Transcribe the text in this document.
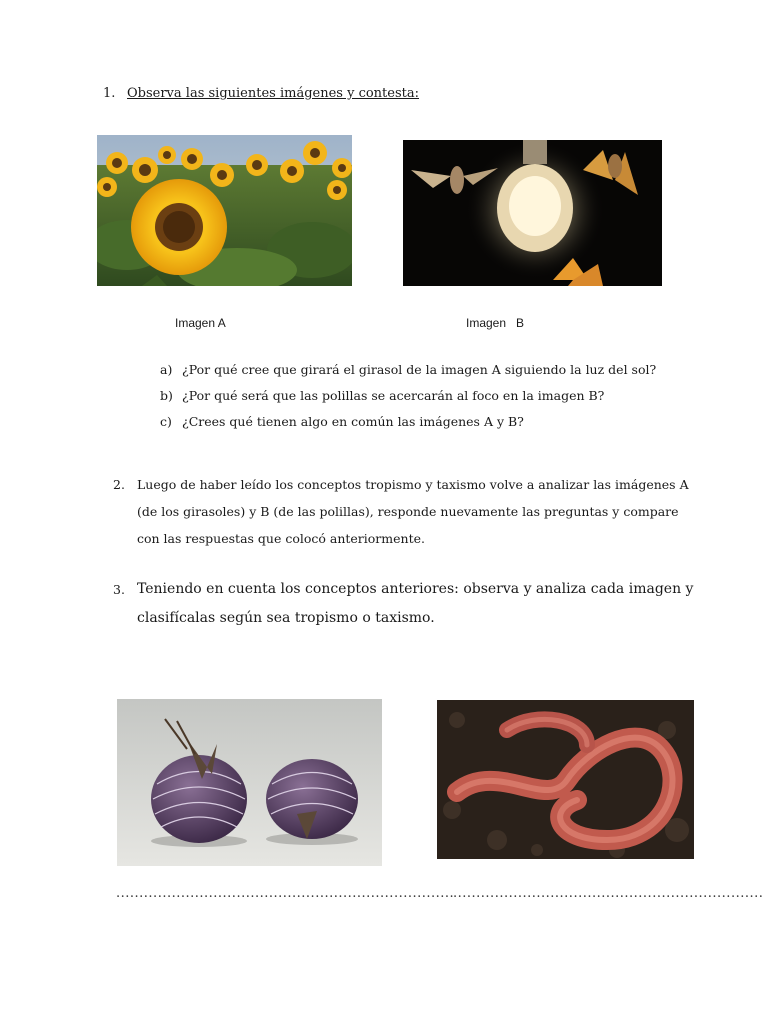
1. Observa las siguientes imágenes y contesta:
Imagen A	Imagen   B
a) ¿Por qué cree que girará el girasol de la imagen A siguiendo la luz del sol?
b) ¿Por qué será que las polillas se acercarán al foco en la imagen B?
c) ¿Crees qué tienen algo en común las imágenes A y B?
2. Luego de haber leído los conceptos tropismo y taxismo volve a analizar las imágenes A
(de los girasoles) y B (de las polillas), responde nuevamente las preguntas y compare
con las respuestas que colocó anteriormente.
3. Teniendo en cuenta los conceptos anteriores: observa y analiza cada imagen y
clasifícalas según sea tropismo o taxismo.
.........................................................................
...................................................................
